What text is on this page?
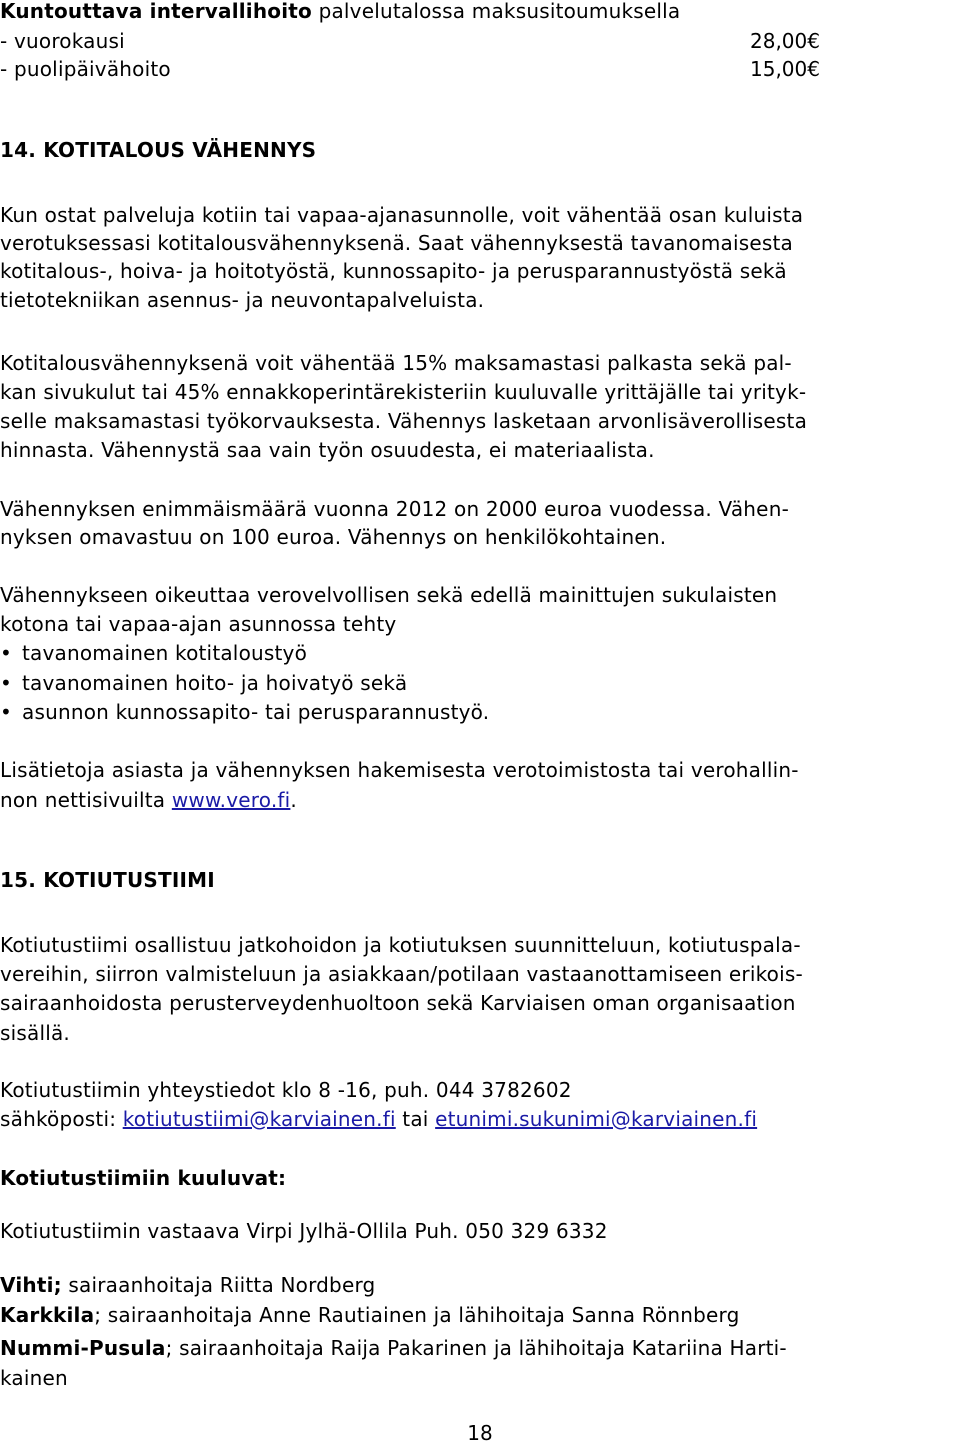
Kuntouttava intervallihoito palvelutalossa maksusitoumuksella
- vuorokausi	28,00€
- puolipäivähoito	15,00€
14. KOTITALOUS VÄHENNYS
Kun ostat palveluja kotiin tai vapaa-ajanasunnolle, voit vähentää osan kuluista
verotuksessasi kotitalousvähennyksenä. Saat vähennyksestä tavanomaisesta
kotitalous-, hoiva- ja hoitotyöstä, kunnossapito- ja perusparannustyöstä sekä
tietotekniikan asennus- ja neuvontapalveluista.
Kotitalousvähennyksenä voit vähentää 15% maksamastasi palkasta sekä pal-
kan sivukulut tai 45% ennakkoperintärekisteriin kuuluvalle yrittäjälle tai yrityk-
selle maksamastasi työkorvauksesta. Vähennys lasketaan arvonlisäverollisesta
hinnasta. Vähennystä saa vain työn osuudesta, ei materiaalista.
Vähennyksen enimmäismäärä vuonna 2012 on 2000 euroa vuodessa. Vähen-
nyksen omavastuu on 100 euroa. Vähennys on henkilökohtainen.
Vähennykseen oikeuttaa verovelvollisen sekä edellä mainittujen sukulaisten
kotona tai vapaa-ajan asunnossa tehty
• tavanomainen kotitaloustyö
• tavanomainen hoito- ja hoivatyö sekä
• asunnon kunnossapito- tai perusparannustyö.
Lisätietoja asiasta ja vähennyksen hakemisesta verotoimistosta tai verohallin-
non nettisivuilta www.vero.fi.
15. KOTIUTUSTIIMI
Kotiutustiimi osallistuu jatkohoidon ja kotiutuksen suunnitteluun, kotiutuspala-
vereihin, siirron valmisteluun ja asiakkaan/potilaan vastaanottamiseen erikois-
sairaanhoidosta perusterveydenhuoltoon sekä Karviaisen oman organisaation
sisällä.
Kotiutustiimin yhteystiedot klo 8 -16, puh. 044 3782602
sähköposti: kotiutustiimi@karviainen.fi tai etunimi.sukunimi@karviainen.fi
Kotiutustiimiin kuuluvat:
Kotiutustiimin vastaava Virpi Jylhä-Ollila Puh. 050 329 6332
Vihti; sairaanhoitaja Riitta Nordberg
Karkkila; sairaanhoitaja Anne Rautiainen ja lähihoitaja Sanna Rönnberg
Nummi-Pusula; sairaanhoitaja Raija Pakarinen ja lähihoitaja Katariina Harti-
kainen
18
